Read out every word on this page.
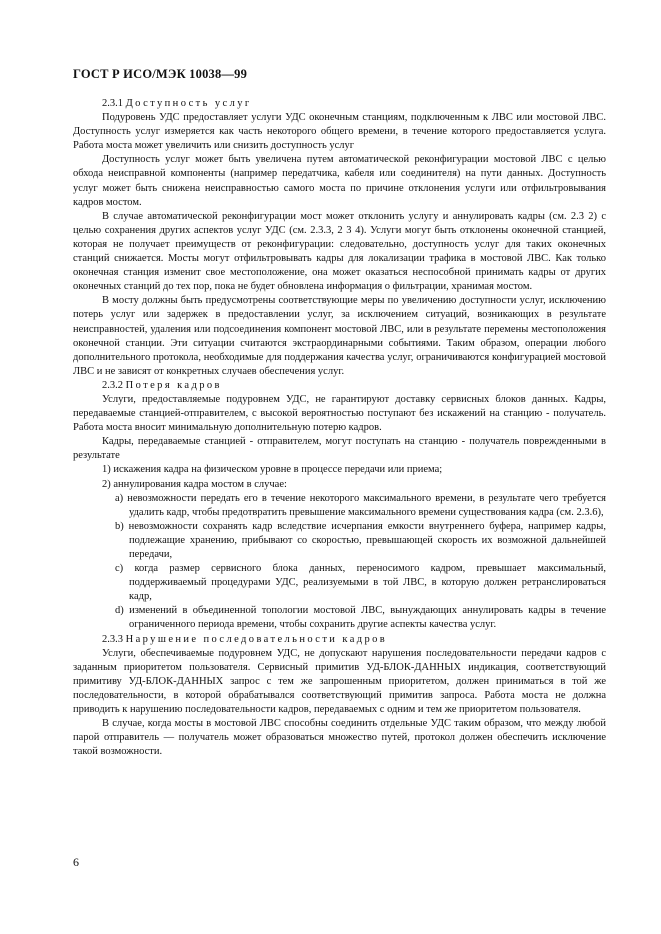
ГОСТ Р ИСО/МЭК 10038—99

2.3.1 Доступность услуг

Подуровень УДС предоставляет услуги УДС оконечным станциям, подключенным к ЛВС или мостовой ЛВС. Доступность услуг измеряется как часть некоторого общего времени, в течение которого предоставляется услуга. Работа моста может увеличить или снизить доступность услуг

Доступность услуг может быть увеличена путем автоматической реконфигурации мостовой ЛВС с целью обхода неисправной компоненты (например передатчика, кабеля или соединителя) на пути данных. Доступность услуг может быть снижена неисправностью самого моста по причине отклонения услуги или отфильтровывания кадров мостом.

В случае автоматической реконфигурации мост может отклонить услугу и аннулировать кадры (см. 2.3 2) с целью сохранения других аспектов услуг УДС (см. 2.3.3, 2 3 4). Услуги могут быть отклонены оконечной станцией, которая не получает преимуществ от реконфигурации: следовательно, доступность услуг для таких оконечных станций снижается. Мосты могут отфильтровывать кадры для локализации трафика в мостовой ЛВС. Как только оконечная станция изменит свое местоположение, она может оказаться неспособной принимать кадры от других оконечных станций до тех пор, пока не будет обновлена информация о фильтрации, хранимая мостом.

В мосту должны быть предусмотрены соответствующие меры по увеличению доступности услуг, исключению потерь услуг или задержек в предоставлении услуг, за исключением ситуаций, возникающих в результате неисправностей, удаления или подсоединения компонент мостовой ЛВС, или в результате перемены местоположения оконечной станции. Эти ситуации считаются экстраординарными событиями. Таким образом, операции любого дополнительного протокола, необходимые для поддержания качества услуг, ограничиваются конфигурацией мостовой ЛВС и не зависят от конкретных случаев обеспечения услуг.

2.3.2 Потеря кадров

Услуги, предоставляемые подуровнем УДС, не гарантируют доставку сервисных блоков данных. Кадры, передаваемые станцией-отправителем, с высокой вероятностью поступают без искажений на станцию - получатель. Работа моста вносит минимальную дополнительную потерю кадров.

Кадры, передаваемые станцией - отправителем, могут поступать на станцию - получатель поврежденными в результате

1) искажения кадра на физическом уровне в процессе передачи или приема;

2) аннулирования кадра мостом в случае:

a) невозможности передать его в течение некоторого максимального времени, в результате чего требуется удалить кадр, чтобы предотвратить превышение максимального времени существования кадра (см. 2.3.6),

b) невозможности сохранять кадр вследствие исчерпания емкости внутреннего буфера, например кадры, подлежащие хранению, прибывают со скоростью, превышающей скорость их возможной дальнейшей передачи,

c) когда размер сервисного блока данных, переносимого кадром, превышает максимальный, поддерживаемый процедурами УДС, реализуемыми в той ЛВС, в которую должен ретранслироваться кадр,

d) изменений в объединенной топологии мостовой ЛВС, вынуждающих аннулировать кадры в течение ограниченного периода времени, чтобы сохранить другие аспекты качества услуг.

2.3.3 Нарушение последовательности кадров

Услуги, обеспечиваемые подуровнем УДС, не допускают нарушения последовательности передачи кадров с заданным приоритетом пользователя. Сервисный примитив УД-БЛОК-ДАННЫХ индикация, соответствующий примитиву УД-БЛОК-ДАННЫХ запрос с тем же запрошенным приоритетом, должен приниматься в той же последовательности, в которой обрабатывался соответствующий примитив запроса. Работа моста не должна приводить к нарушению последовательности кадров, передаваемых с одним и тем же приоритетом пользователя.

В случае, когда мосты в мостовой ЛВС способны соединить отдельные УДС таким образом, что между любой парой отправитель — получатель может образоваться множество путей, протокол должен обеспечить исключение такой возможности.

6
